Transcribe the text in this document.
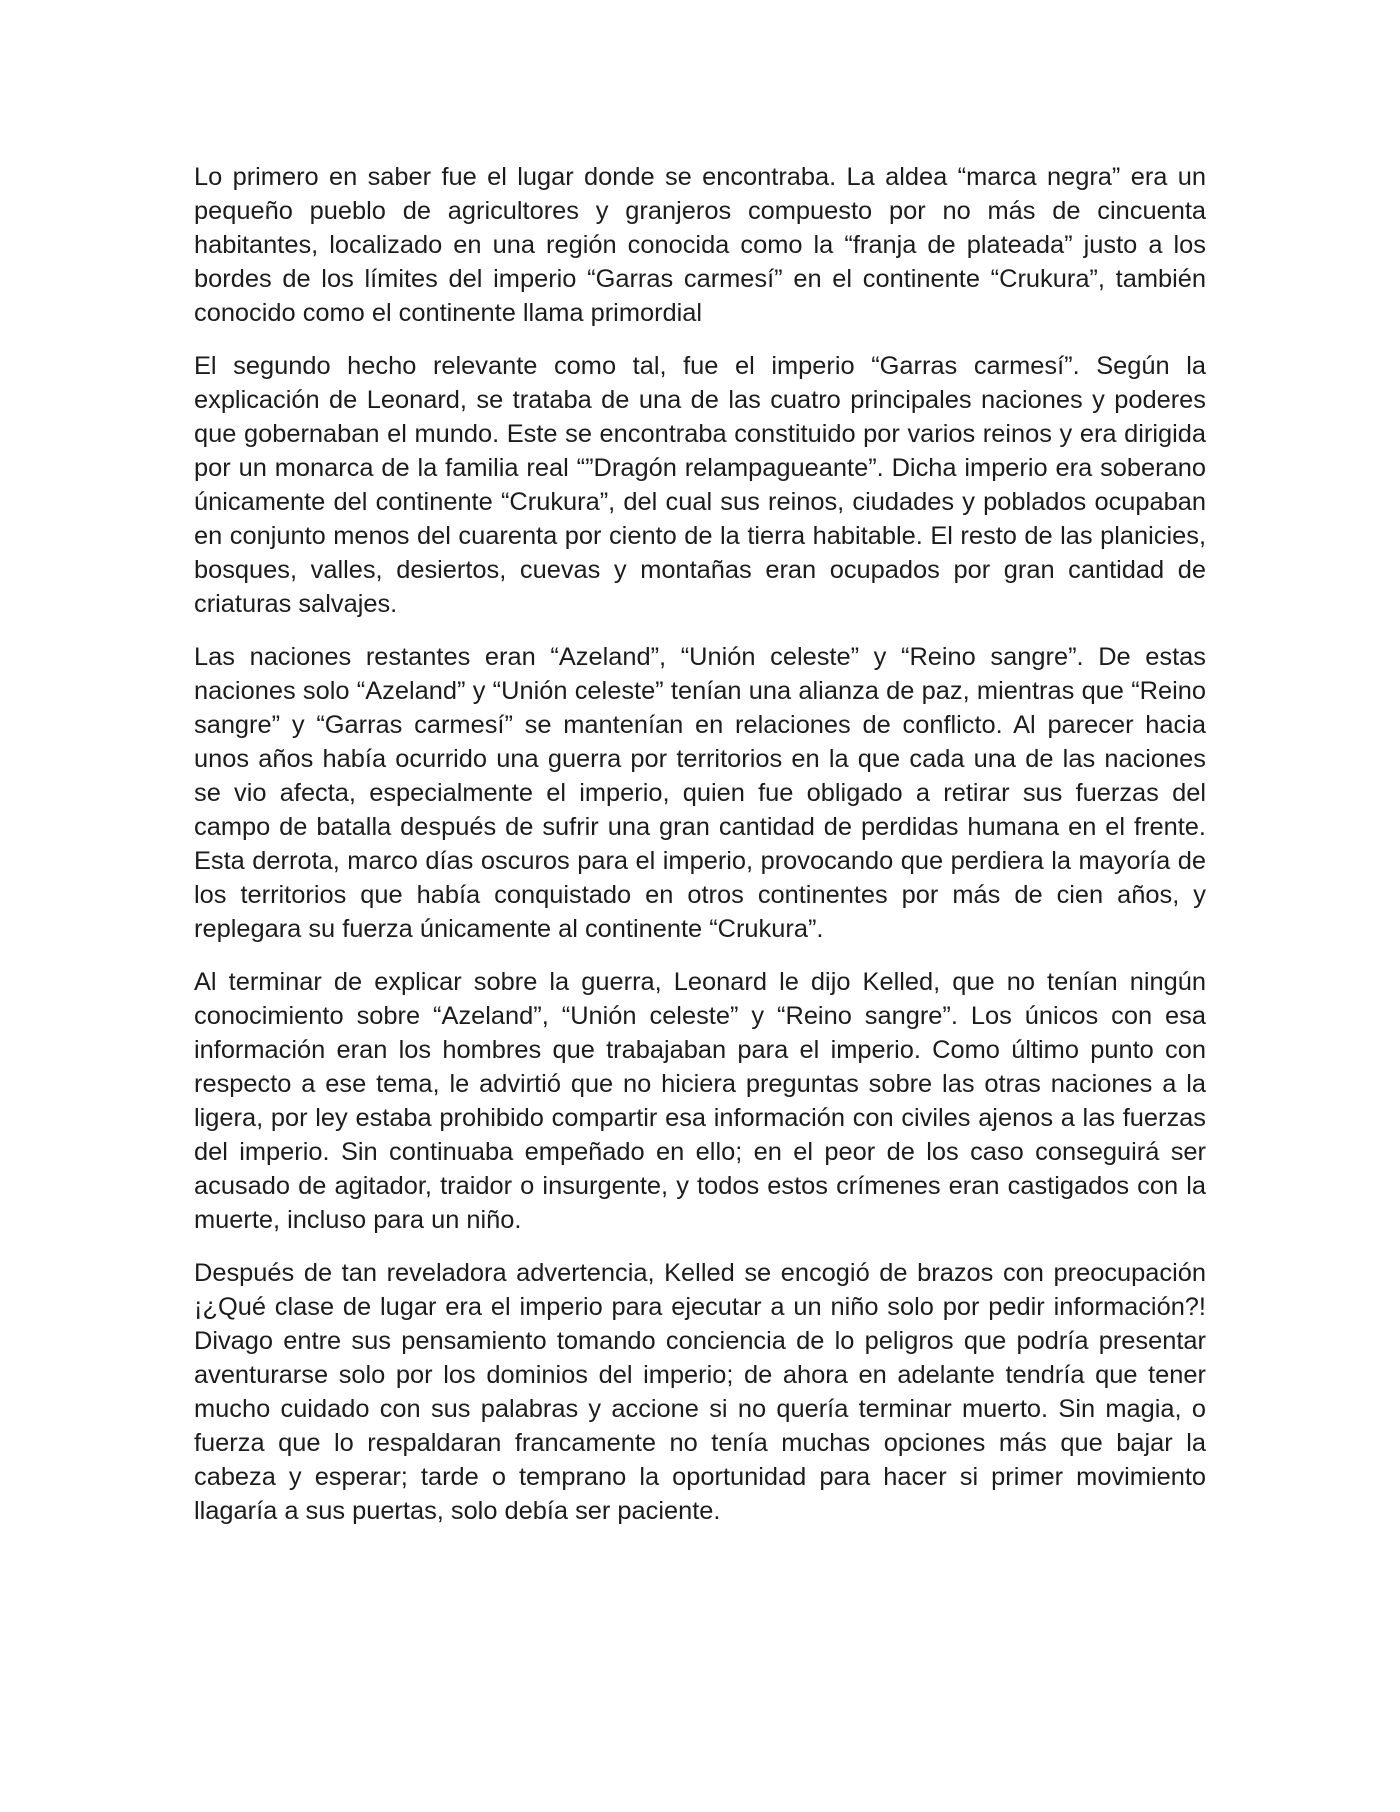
Lo primero en saber fue el lugar donde se encontraba. La aldea “marca negra” era un pequeño pueblo de agricultores y granjeros compuesto por no más de cincuenta habitantes, localizado en una región conocida como la “franja de plateada” justo a los bordes de los límites del imperio “Garras carmesí” en el continente “Crukura”, también conocido como el continente llama primordial

El segundo hecho relevante como tal, fue el imperio “Garras carmesí”. Según la explicación de Leonard, se trataba de una de las cuatro principales naciones y poderes que gobernaban el mundo. Este se encontraba constituido por varios reinos y era dirigida por un monarca de la familia real “”Dragón relampagueante”. Dicha imperio era soberano únicamente del continente “Crukura”, del cual sus reinos, ciudades y poblados ocupaban en conjunto menos del cuarenta por ciento de la tierra habitable. El resto de las planicies, bosques, valles, desiertos, cuevas y montañas eran ocupados por gran cantidad de criaturas salvajes.

Las naciones restantes eran “Azeland”, “Unión celeste” y “Reino sangre”. De estas naciones solo “Azeland” y “Unión celeste” tenían una alianza de paz, mientras que “Reino sangre” y “Garras carmesí” se mantenían en relaciones de conflicto. Al parecer hacia unos años había ocurrido una guerra por territorios en la que cada una de las naciones se vio afecta, especialmente el imperio, quien fue obligado a retirar sus fuerzas del campo de batalla después de sufrir una gran cantidad de perdidas humana en el frente. Esta derrota, marco días oscuros para el imperio, provocando que perdiera la mayoría de los territorios que había conquistado en otros continentes por más de cien años, y replegara su fuerza únicamente al continente “Crukura”.

Al terminar de explicar sobre la guerra, Leonard le dijo Kelled, que no tenían ningún conocimiento sobre “Azeland”, “Unión celeste” y “Reino sangre”. Los únicos con esa información eran los hombres que trabajaban para el imperio. Como último punto con respecto a ese tema, le advirtió que no hiciera preguntas sobre las otras naciones a la ligera, por ley estaba prohibido compartir esa información con civiles ajenos a las fuerzas del imperio. Sin continuaba empeñado en ello; en el peor de los caso conseguirá ser acusado de agitador, traidor o insurgente, y todos estos crímenes eran castigados con la muerte, incluso para un niño.

Después de tan reveladora advertencia, Kelled se encogió de brazos con preocupación ¡¿Qué clase de lugar era el imperio para ejecutar a un niño solo por pedir información?! Divago entre sus pensamiento tomando conciencia de lo peligros que podría presentar aventurarse solo por los dominios del imperio; de ahora en adelante tendría que tener mucho cuidado con sus palabras y accione si no quería terminar muerto. Sin magia, o fuerza que lo respaldaran francamente no tenía muchas opciones más que bajar la cabeza y esperar; tarde o temprano la oportunidad para hacer si primer movimiento llagaría a sus puertas, solo debía ser paciente.
